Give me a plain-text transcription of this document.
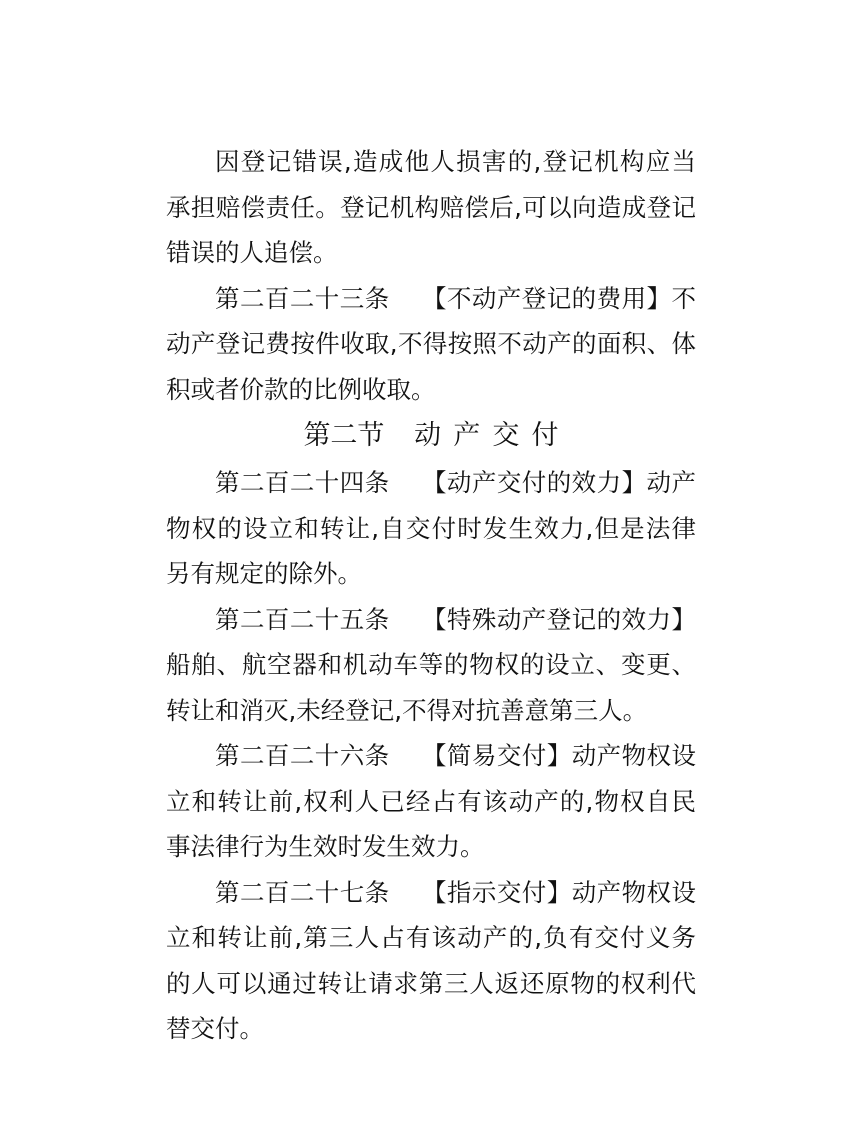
因登记错误,造成他人损害的,登记机构应当承担赔偿责任。登记机构赔偿后,可以向造成登记错误的人追偿。

第二百二十三条 【不动产登记的费用】不动产登记费按件收取,不得按照不动产的面积、体积或者价款的比例收取。

第二节 动 产 交 付

第二百二十四条 【动产交付的效力】动产物权的设立和转让,自交付时发生效力,但是法律另有规定的除外。

第二百二十五条 【特殊动产登记的效力】船舶、航空器和机动车等的物权的设立、变更、转让和消灭,未经登记,不得对抗善意第三人。

第二百二十六条 【简易交付】动产物权设立和转让前,权利人已经占有该动产的,物权自民事法律行为生效时发生效力。

第二百二十七条 【指示交付】动产物权设立和转让前,第三人占有该动产的,负有交付义务的人可以通过转让请求第三人返还原物的权利代替交付。
